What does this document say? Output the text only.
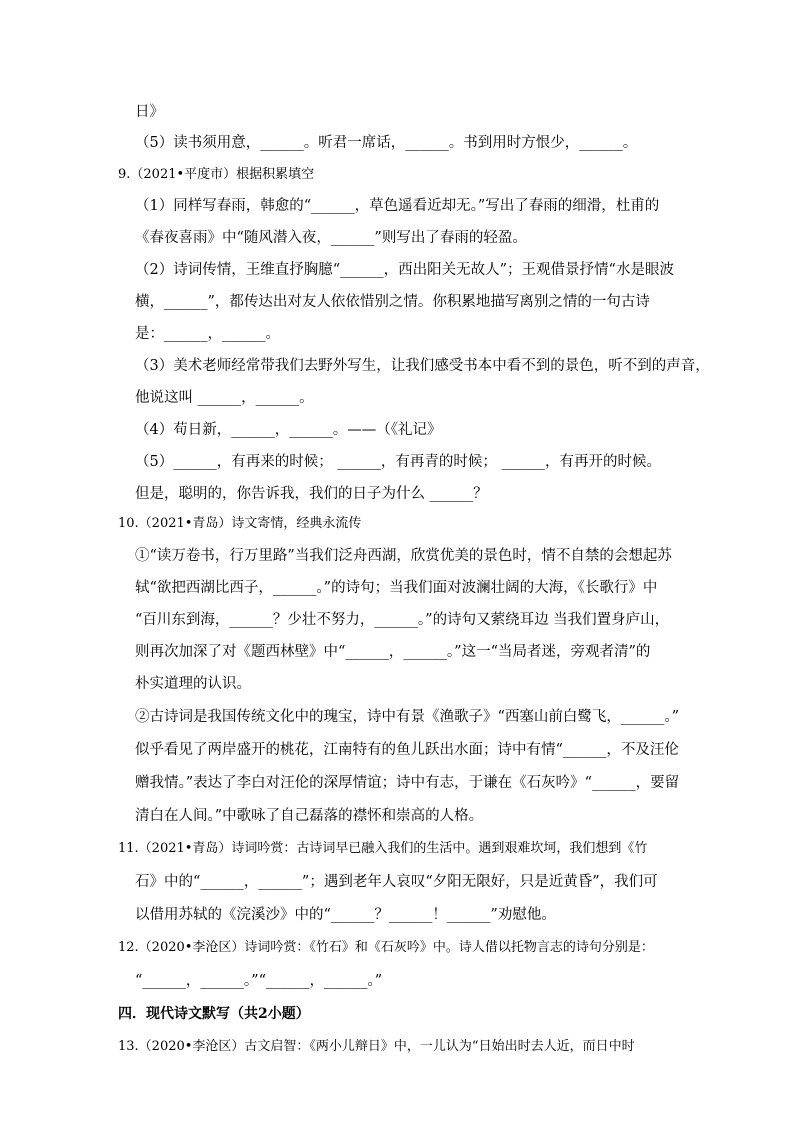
日》
（5）读书须用意，______。听君一席话，______。书到用时方恨少，______。
9.（2021•平度市）根据积累填空
（1）同样写春雨，韩愈的“______，草色遥看近却无。”写出了春雨的细滑，杜甫的
《春夜喜雨》中“随风潜入夜，______”则写出了春雨的轻盈。
（2）诗词传情，王维直抒胸臆“______，西出阳关无故人”；王观借景抒情“水是眼波
横，______”，都传达出对友人依依惜别之情。你积累地描写离别之情的一句古诗
是：______，______。
（3）美术老师经常带我们去野外写生，让我们感受书本中看不到的景色，听不到的声音，
他说这叫 ______，______。
（4）苟日新，______，______。——（《礼记》
（5）______，有再来的时候； ______，有再青的时候； ______，有再开的时候。
但是，聪明的，你告诉我，我们的日子为什么 ______？
10.（2021•青岛）诗文寄情，经典永流传
①“读万卷书，行万里路”当我们泛舟西湖，欣赏优美的景色时，情不自禁的会想起苏
轼“欲把西湖比西子，______。”的诗句；当我们面对波澜壮阔的大海，《长歌行》中
“百川东到海，______？少壮不努力，______。”的诗句又萦绕耳边 当我们置身庐山，
则再次加深了对《题西林壁》中“______，______。”这一“当局者迷，旁观者清”的
朴实道理的认识。
②古诗词是我国传统文化中的瑰宝，诗中有景《渔歌子》“西塞山前白鹭飞，______。”
似乎看见了两岸盛开的桃花，江南特有的鱼儿跃出水面；诗中有情“______，不及汪伦
赠我情。”表达了李白对汪伦的深厚情谊；诗中有志，于谦在《石灰吟》“______，要留
清白在人间。”中歌咏了自己磊落的襟怀和崇高的人格。
11.（2021•青岛）诗词吟赏：古诗词早已融入我们的生活中。遇到艰难坎坷，我们想到《竹
石》中的“______，______”；遇到老年人哀叹“夕阳无限好，只是近黄昏”，我们可
以借用苏轼的《浣溪沙》中的“______？______！______”劝慰他。
12.（2020•李沧区）诗词吟赏：《竹石》和《石灰吟》中。诗人借以托物言志的诗句分别是：
“______，______。”“______，______。”
四．现代诗文默写（共2小题）
13.（2020•李沧区）古文启智：《两小儿辩日》中，一儿认为“日始出时去人近，而日中时
